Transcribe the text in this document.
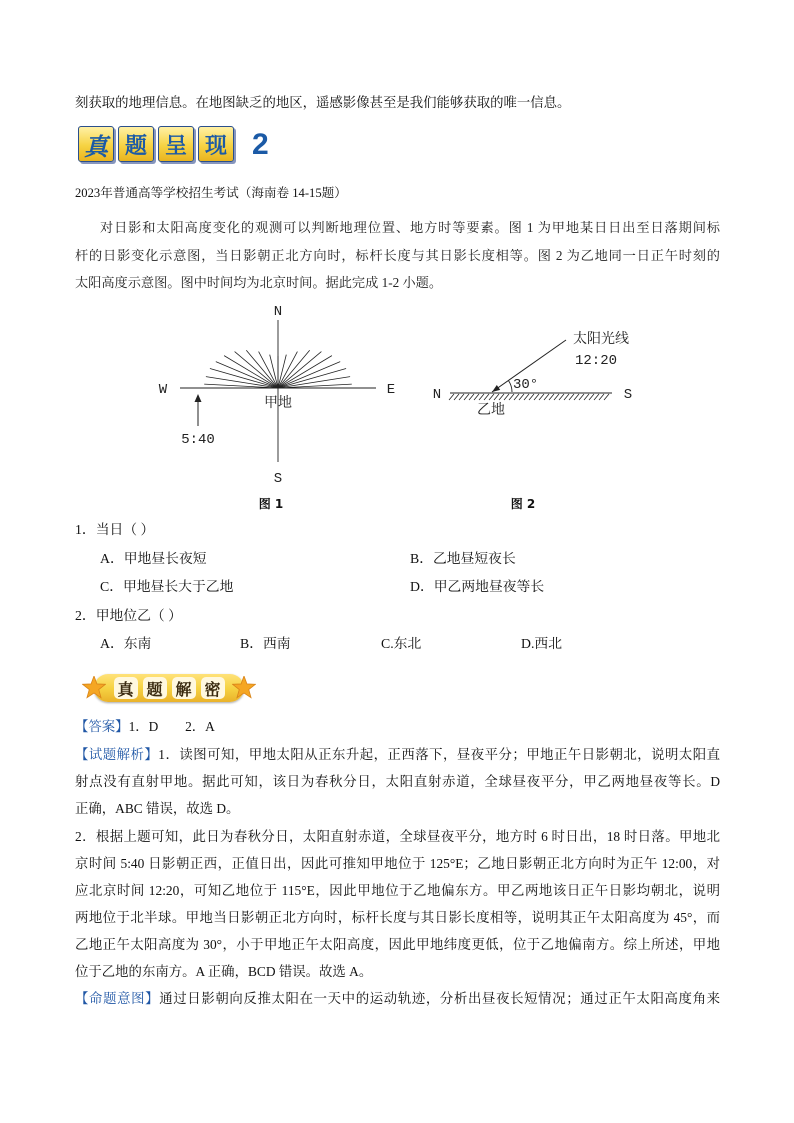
刻获取的地理信息。在地图缺乏的地区，遥感影像甚至是我们能够获取的唯一信息。
真 题 呈 现 2
2023年普通高等学校招生考试（海南卷 14-15题）
对日影和太阳高度变化的观测可以判断地理位置、地方时等要素。图 1 为甲地某日日出至日落期间标
杆的日影变化示意图，当日影朝正北方向时，标杆长度与其日影长度相等。图 2 为乙地同一日正午时刻的
太阳高度示意图。图中时间均为北京时间。据此完成 1-2 小题。
N
S
W	E
甲地
5:40
图 1
30°
太阳光线
12:20
N	S
乙地
图 2
1．当日（ ）
A．甲地昼长夜短	B．乙地昼短夜长
C．甲地昼长大于乙地	D．甲乙两地昼夜等长
2．甲地位乙（ ）
A．东南	B．西南	C.东北	D.西北
真 题 解 密
【答案】1．D        2．A
【试题解析】1．读图可知，甲地太阳从正东升起，正西落下，昼夜平分；甲地正午日影朝北，说明太阳直
射点没有直射甲地。据此可知，该日为春秋分日，太阳直射赤道，全球昼夜平分，甲乙两地昼夜等长。D
正确，ABC 错误，故选 D。
2．根据上题可知，此日为春秋分日，太阳直射赤道，全球昼夜平分，地方时 6 时日出，18 时日落。甲地北
京时间 5:40 日影朝正西，正值日出，因此可推知甲地位于 125°E；乙地日影朝正北方向时为正午 12:00，对
应北京时间 12:20，可知乙地位于 115°E，因此甲地位于乙地偏东方。甲乙两地该日正午日影均朝北，说明
两地位于北半球。甲地当日影朝正北方向时，标杆长度与其日影长度相等，说明其正午太阳高度为 45°，而
乙地正午太阳高度为 30°，小于甲地正午太阳高度，因此甲地纬度更低，位于乙地偏南方。综上所述，甲地
位于乙地的东南方。A 正确，BCD 错误。故选 A。
【命题意图】通过日影朝向反推太阳在一天中的运动轨迹，分析出昼夜长短情况；通过正午太阳高度角来
